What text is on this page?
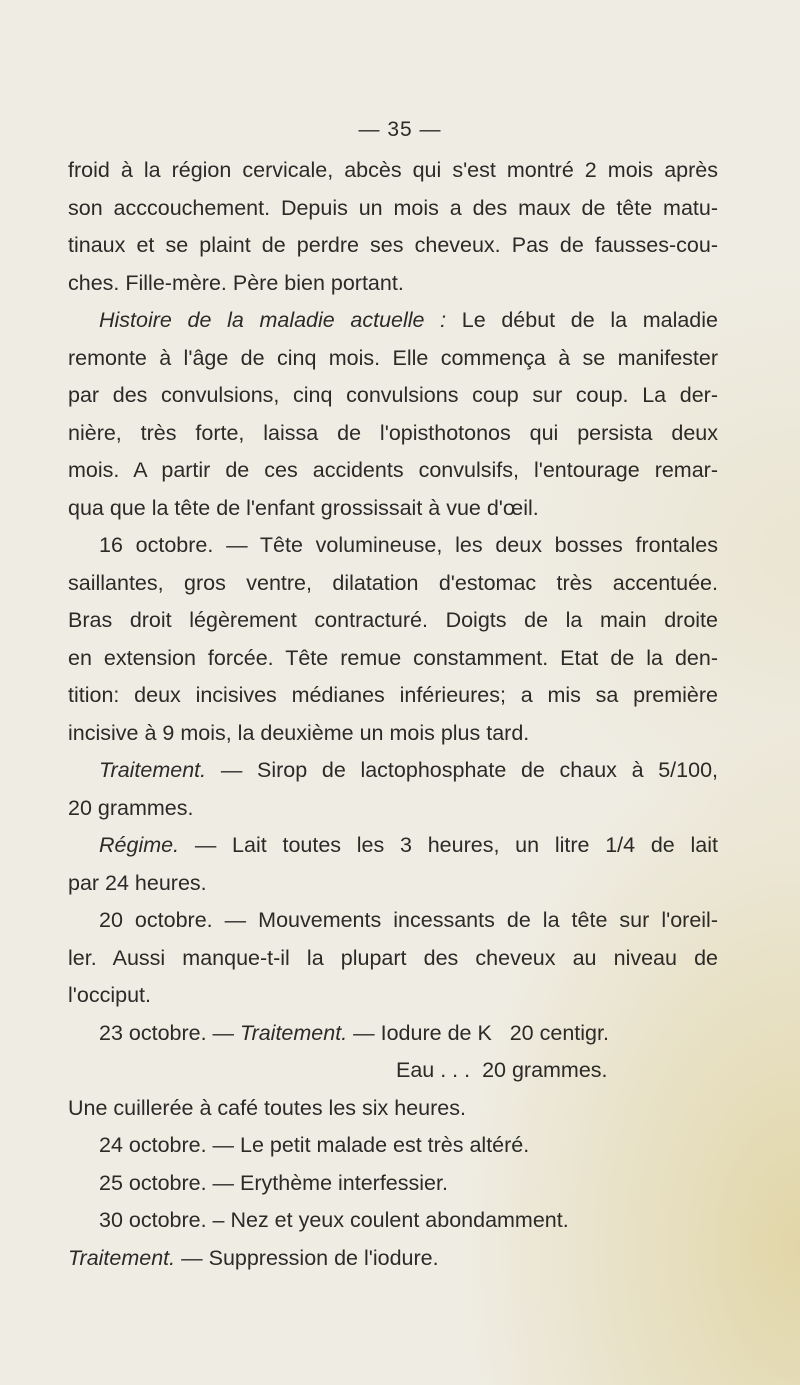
— 35 —
froid à la région cervicale, abcès qui s'est montré 2 mois après
son acccouchement. Depuis un mois a des maux de tête matu-
tinaux et se plaint de perdre ses cheveux. Pas de fausses-cou-
ches. Fille-mère. Père bien portant.
Histoire de la maladie actuelle : Le début de la maladie
remonte à l'âge de cinq mois. Elle commença à se manifester
par des convulsions, cinq convulsions coup sur coup. La der-
nière, très forte, laissa de l'opisthotonos qui persista deux
mois. A partir de ces accidents convulsifs, l'entourage remar-
qua que la tête de l'enfant grossissait à vue d'œil.
16 octobre. — Tête volumineuse, les deux bosses frontales
saillantes, gros ventre, dilatation d'estomac très accentuée.
Bras droit légèrement contracturé. Doigts de la main droite
en extension forcée. Tête remue constamment. Etat de la den-
tition: deux incisives médianes inférieures; a mis sa première
incisive à 9 mois, la deuxième un mois plus tard.
Traitement. — Sirop de lactophosphate de chaux à 5/100,
20 grammes.
Régime. — Lait toutes les 3 heures, un litre 1/4 de lait
par 24 heures.
20 octobre. — Mouvements incessants de la tête sur l'oreil-
ler. Aussi manque-t-il la plupart des cheveux au niveau de
l'occiput.
23 octobre. — Traitement. — Iodure de K 20 centigr.
Eau . . . 20 grammes.
Une cuillerée à café toutes les six heures.
24 octobre. — Le petit malade est très altéré.
25 octobre. — Erythème interfessier.
30 octobre. – Nez et yeux coulent abondamment.
Traitement. — Suppression de l'iodure.
